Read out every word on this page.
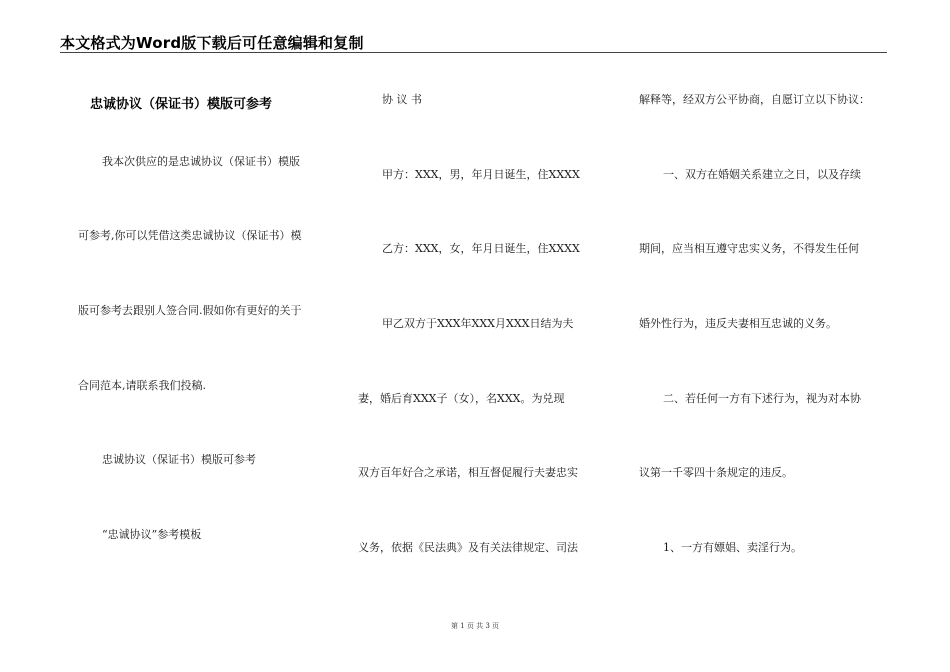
本文格式为Word版下载后可任意编辑和复制
忠诚协议（保证书）模版可参考
我本次供应的是忠诚协议（保证书）模版
可参考,你可以凭借这类忠诚协议（保证书）模
版可参考去跟别人签合同.假如你有更好的关于
合同范本,请联系我们投稿.
忠诚协议（保证书）模版可参考
“忠诚协议”参考模板
协 议 书
甲方：XXX，男，年月日诞生，住XXXX
乙方：XXX，女，年月日诞生，住XXXX
甲乙双方于XXX年XXX月XXX日结为夫
妻，婚后育XXX子（女），名XXX。为兑现
双方百年好合之承诺，相互督促履行夫妻忠实
义务，依据《民法典》及有关法律规定、司法
解释等，经双方公平协商，自愿订立以下协议：
一、双方在婚姻关系建立之日，以及存续
期间，应当相互遵守忠实义务，不得发生任何
婚外性行为，违反夫妻相互忠诚的义务。
二、若任何一方有下述行为，视为对本协
议第一千零四十条规定的违反。
1、一方有嫖娼、卖淫行为。
第 1 页 共 3 页
